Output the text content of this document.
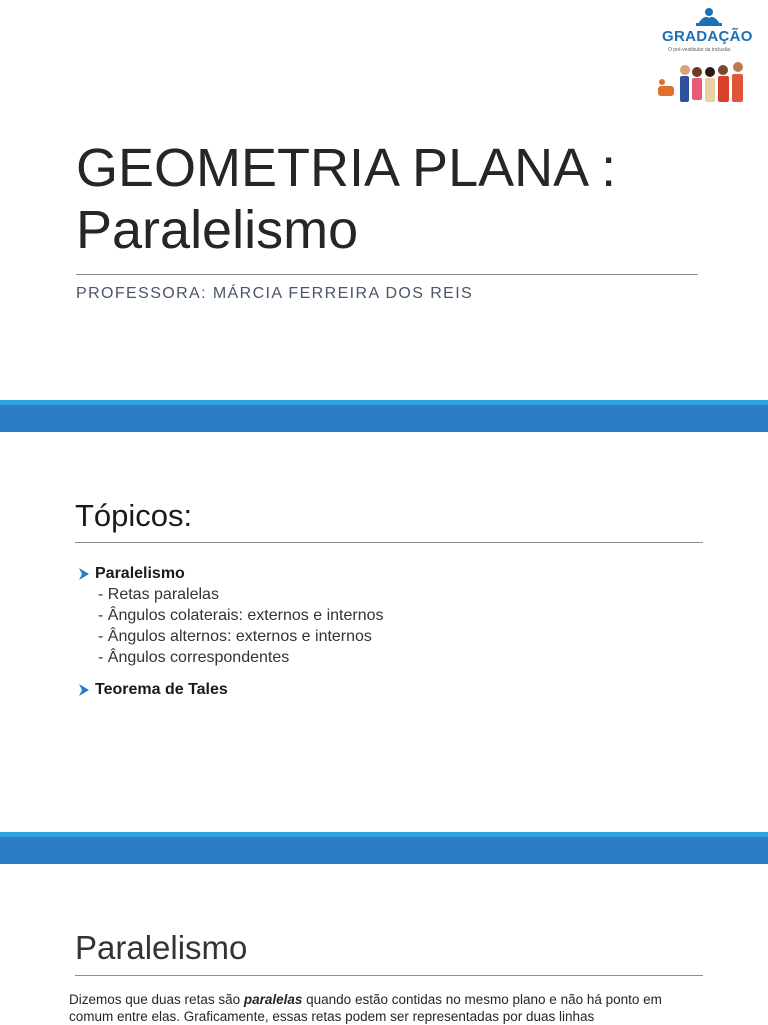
GRADAÇÃO
O pré-vestibular da inclusão.
GEOMETRIA PLANA :
Paralelismo
PROFESSORA: MÁRCIA FERREIRA DOS REIS
Tópicos:
Paralelismo
- Retas paralelas
- Ângulos colaterais: externos e internos
- Ângulos alternos: externos e internos
- Ângulos correspondentes
Teorema de Tales
Paralelismo
Dizemos que duas retas são paralelas quando estão contidas no mesmo plano e não há ponto em comum entre elas. Graficamente, essas retas podem ser representadas por duas linhas
